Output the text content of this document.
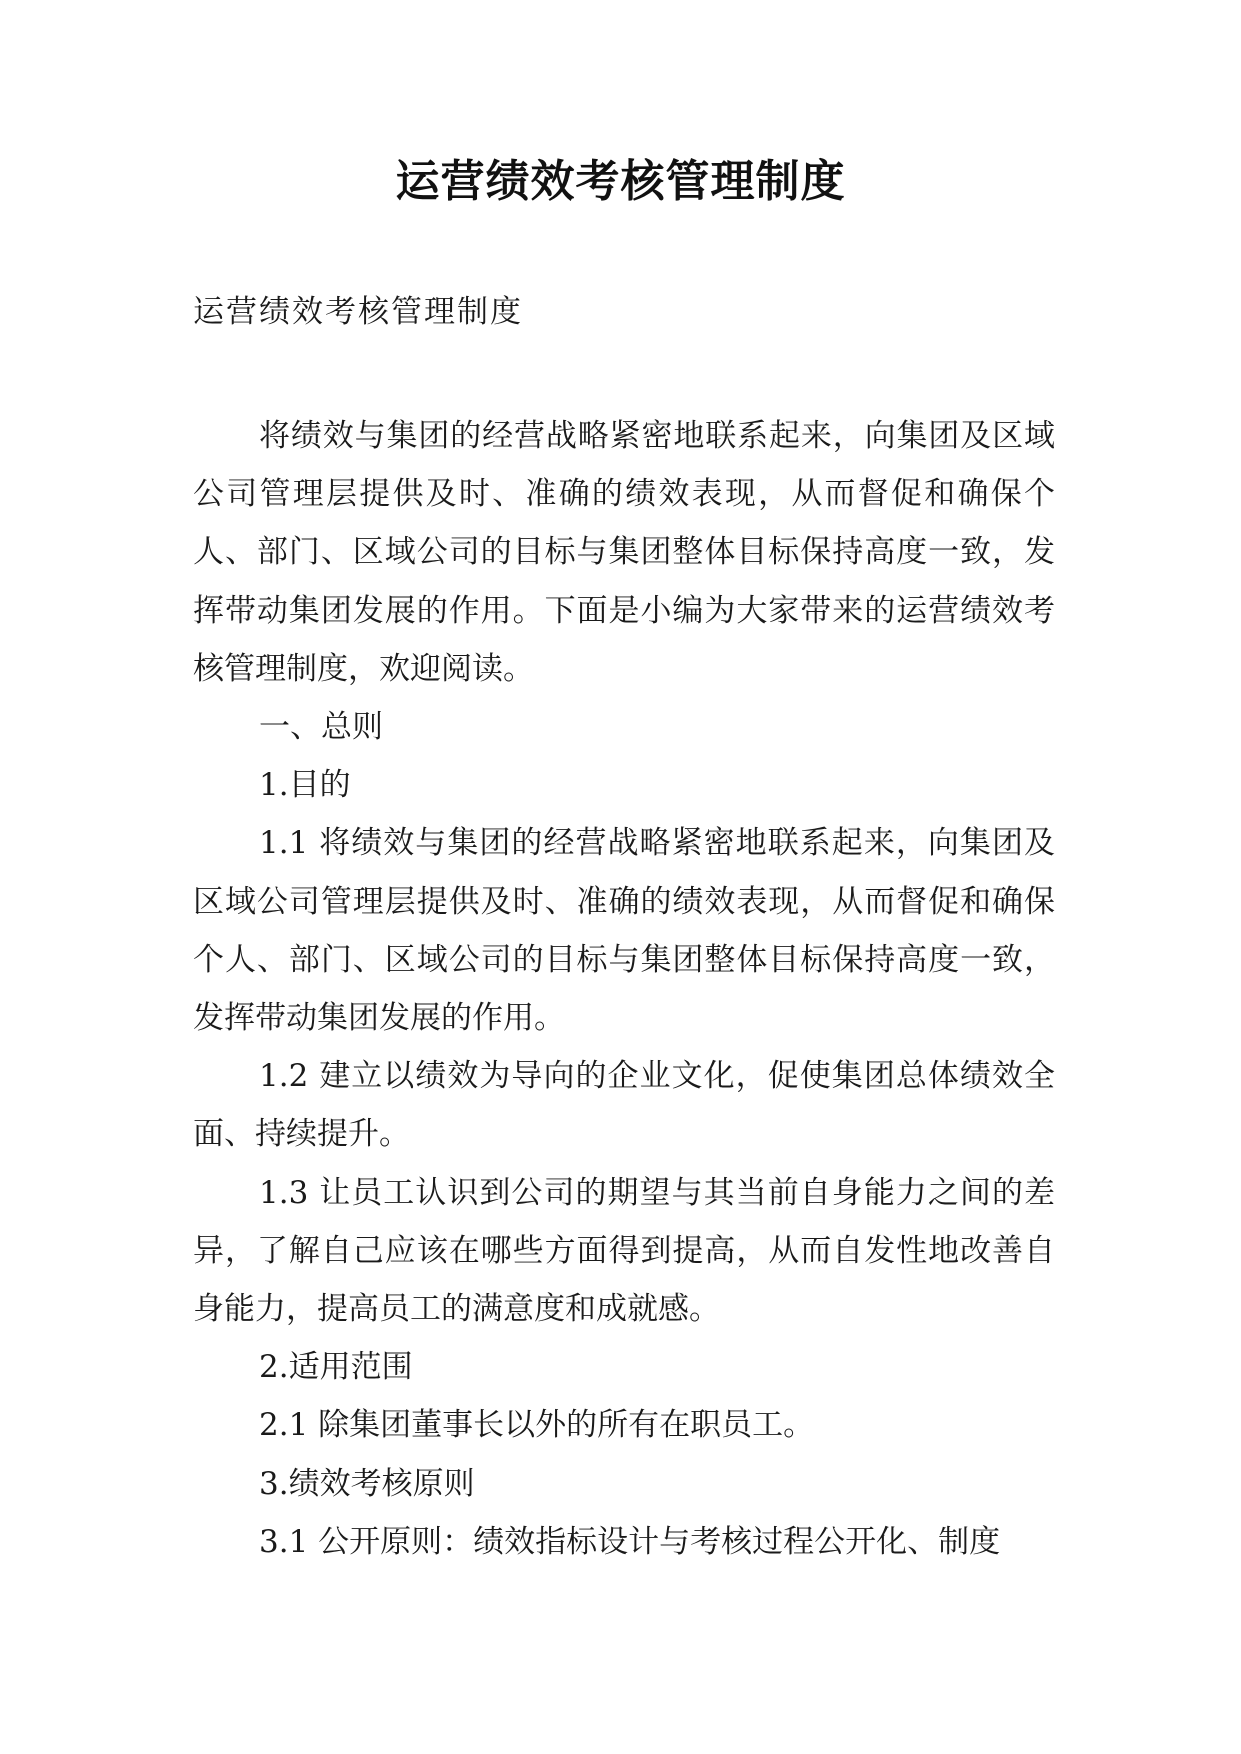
运营绩效考核管理制度
运营绩效考核管理制度

将绩效与集团的经营战略紧密地联系起来，向集团及区域公司管理层提供及时、准确的绩效表现，从而督促和确保个人、部门、区域公司的目标与集团整体目标保持高度一致，发挥带动集团发展的作用。下面是小编为大家带来的运营绩效考核管理制度，欢迎阅读。

一、总则

1.目的

1.1 将绩效与集团的经营战略紧密地联系起来，向集团及区域公司管理层提供及时、准确的绩效表现，从而督促和确保个人、部门、区域公司的目标与集团整体目标保持高度一致，发挥带动集团发展的作用。

1.2 建立以绩效为导向的企业文化，促使集团总体绩效全面、持续提升。

1.3 让员工认识到公司的期望与其当前自身能力之间的差异，了解自己应该在哪些方面得到提高，从而自发性地改善自身能力，提高员工的满意度和成就感。

2.适用范围

2.1 除集团董事长以外的所有在职员工。

3.绩效考核原则

3.1 公开原则：绩效指标设计与考核过程公开化、制度
